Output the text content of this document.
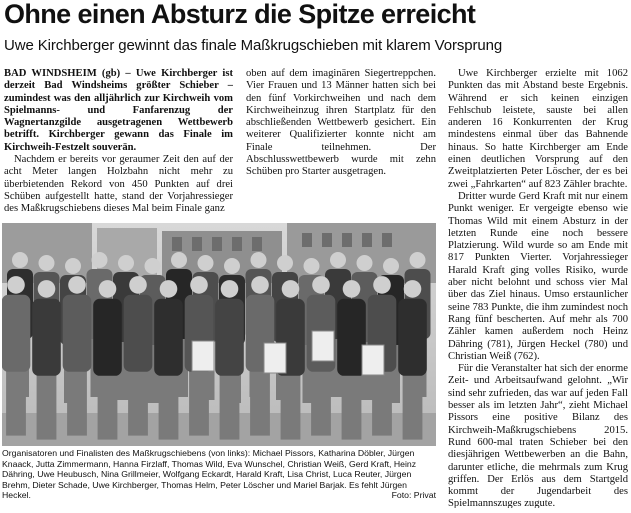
Ohne einen Absturz die Spitze erreicht
Uwe Kirchberger gewinnt das finale Maßkrugschieben mit klarem Vorsprung

BAD WINDSHEIM (gb) – Uwe Kirchberger ist derzeit Bad Windsheims größter Schieber – zumindest was den alljährlich zur Kirchweih vom Spielmanns- und Fanfarenzug der Wagnertanzgilde ausgetragenen Wettbewerb betrifft. Kirchberger gewann das Finale im Kirchweih-Festzelt souverän.

Nachdem er bereits vor geraumer Zeit den auf der acht Meter langen Holzbahn nicht mehr zu überbietenden Rekord von 450 Punkten auf drei Schüben aufgestellt hatte, stand der Vorjahressieger des Maßkrugschiebens dieses Mal beim Finale ganz

oben auf dem imaginären Siegertreppchen. Vier Frauen und 13 Männer hatten sich bei den fünf Vorkirchweihen und nach dem Kirchweiheinzug ihren Startplatz für den abschließenden Wettbewerb gesichert. Ein weiterer Qualifizierter konnte nicht am Finale teilnehmen. Der Abschlusswettbewerb wurde mit zehn Schüben pro Starter ausgetragen.

Uwe Kirchberger erzielte mit 1062 Punkten das mit Abstand beste Ergebnis. Während er sich keinen einzigen Fehlschub leistete, sauste bei allen anderen 16 Konkurrenten der Krug mindestens einmal über das Bahnende hinaus. So hatte Kirchberger am Ende einen deutlichen Vorsprung auf den Zweitplatzierten Peter Löscher, der es bei zwei „Fahrkarten“ auf 823 Zähler brachte.

Dritter wurde Gerd Kraft mit nur einem Punkt weniger. Er vergeigte ebenso wie Thomas Wild mit einem Absturz in der letzten Runde eine noch bessere Platzierung. Wild wurde so am Ende mit 817 Punkten Vierter. Vorjahressieger Harald Kraft ging volles Risiko, wurde aber nicht belohnt und schoss vier Mal über das Ziel hinaus. Umso erstaunlicher seine 783 Punkte, die ihm zumindest noch Rang fünf bescherten. Auf mehr als 700 Zähler kamen außerdem noch Heinz Dähring (781), Jürgen Heckel (780) und Christian Weiß (762).

Für die Veranstalter hat sich der enorme Zeit- und Arbeitsaufwand gelohnt. „Wir sind sehr zufrieden, das war auf jeden Fall besser als im letzten Jahr“, zieht Michael Pissors eine positive Bilanz des Kirchweih-Maßkrugschiebens 2015. Rund 600-mal traten Schieber bei den diesjährigen Wettbewerben an die Bahn, darunter etliche, die mehrmals zum Krug griffen. Der Erlös aus dem Startgeld kommt der Jugendarbeit des Spielmannszuges zugute.

Organisatoren und Finalisten des Maßkrugschiebens (von links): Michael Pissors, Katharina Döbler, Jürgen Knaack, Jutta Zimmermann, Hanna Firzlaff, Thomas Wild, Eva Wunschel, Christian Weiß, Gerd Kraft, Heinz Dähring, Uwe Heubusch, Nina Grillmeier, Wolfgang Eckardt, Harald Kraft, Lisa Christ, Luca Reuter, Jürgen Brehm, Dieter Schade, Uwe Kirchberger, Thomas Helm, Peter Löscher und Mariel Barjak. Es fehlt Jürgen Heckel.	Foto: Privat
